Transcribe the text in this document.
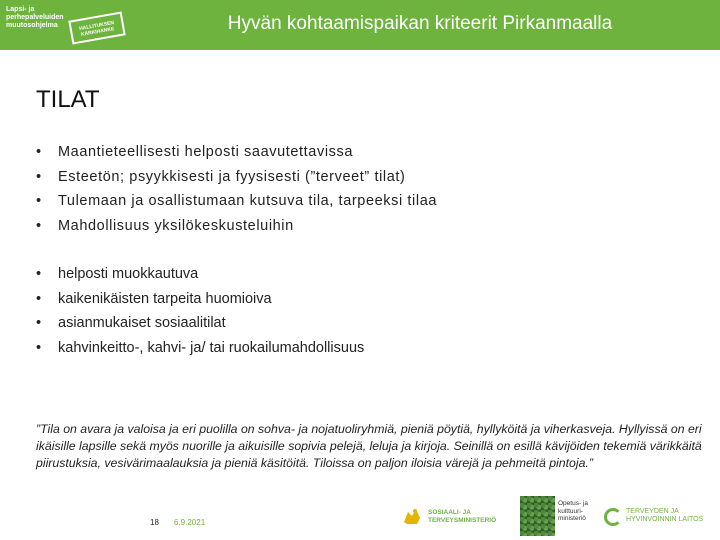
Lapsi- ja
perhepalveluiden
muutosohjelma	HALLITUKSEN KÄRKIHANKE	Hyvän kohtaamispaikan kriteerit Pirkanmaalla
TILAT
• Maantieteellisesti helposti saavutettavissa
• Esteetön; psyykkisesti ja fyysisesti (”terveet” tilat)
• Tulemaan ja osallistumaan kutsuva tila, tarpeeksi tilaa
• Mahdollisuus yksilökeskusteluihin
• helposti muokkautuva
• kaikenikäisten tarpeita huomioiva
• asianmukaiset sosiaalitilat
• kahvinkeitto-, kahvi- ja/ tai ruokailumahdollisuus
”Tila on avara ja valoisa ja eri puolilla on sohva- ja nojatuoliryhmiä, pieniä pöytiä, hyllyköitä ja viherkasveja. Hyllyissä on eri ikäisille lapsille sekä myös nuorille ja aikuisille sopivia pelejä, leluja ja kirjoja. Seinillä on esillä kävijöiden tekemiä värikkäitä piirustuksia, vesivärimaalauksia ja pieniä käsitöitä. Tiloissa on paljon iloisia värejä ja pehmeitä pintoja.”
18 6.9.2021
SOSIAALI- JA
TERVEYSMINISTERIÖ
Opetus- ja
kulttuuri-
ministeriö
TERVEYDEN JA
HYVINVOINNIN LAITOS
